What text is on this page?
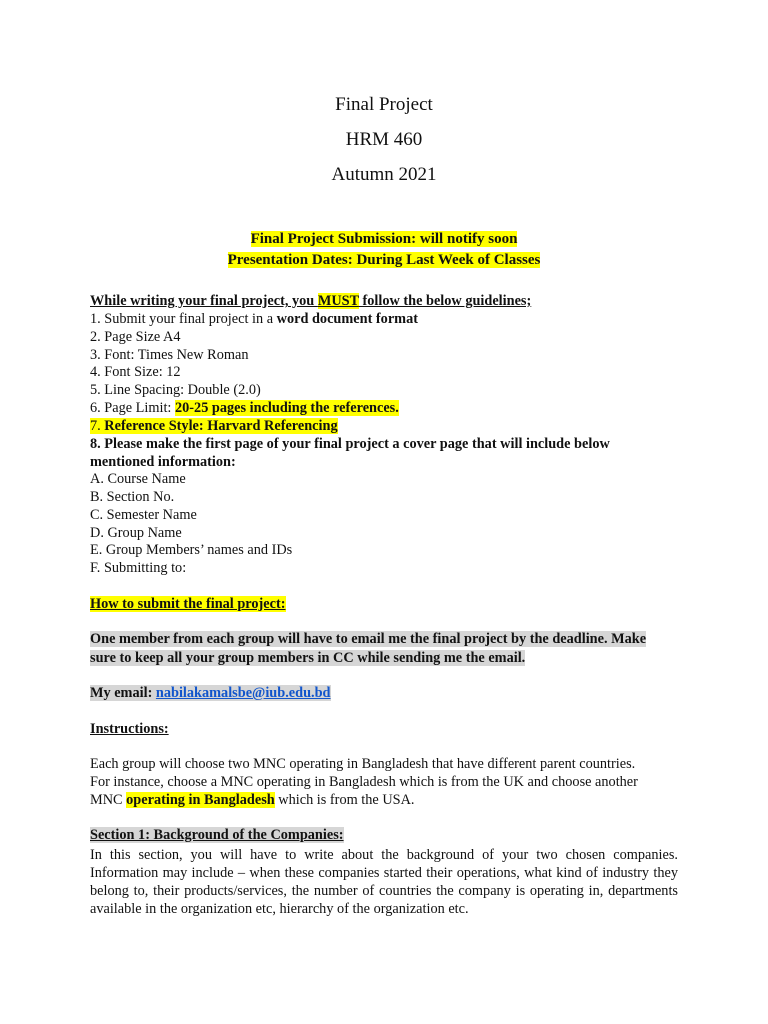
Final Project
HRM 460
Autumn 2021
Final Project Submission: will notify soon
Presentation Dates: During Last Week of Classes
While writing your final project, you MUST follow the below guidelines;
1. Submit your final project in a word document format
2. Page Size A4
3. Font: Times New Roman
4. Font Size: 12
5. Line Spacing: Double (2.0)
6. Page Limit: 20-25 pages including the references.
7. Reference Style: Harvard Referencing
8. Please make the first page of your final project a cover page that will include below
mentioned information:
A. Course Name
B. Section No.
C. Semester Name
D. Group Name
E. Group Members’ names and IDs
F. Submitting to:
How to submit the final project:
One member from each group will have to email me the final project by the deadline. Make
sure to keep all your group members in CC while sending me the email.
My email: nabilakamalsbe@iub.edu.bd
Instructions:
Each group will choose two MNC operating in Bangladesh that have different parent countries.
For instance, choose a MNC operating in Bangladesh which is from the UK and choose another
MNC operating in Bangladesh which is from the USA.
Section 1: Background of the Companies:
In this section, you will have to write about the background of your two chosen companies. Information may include – when these companies started their operations, what kind of industry they belong to, their products/services, the number of countries the company is operating in, departments available in the organization etc, hierarchy of the organization etc.
